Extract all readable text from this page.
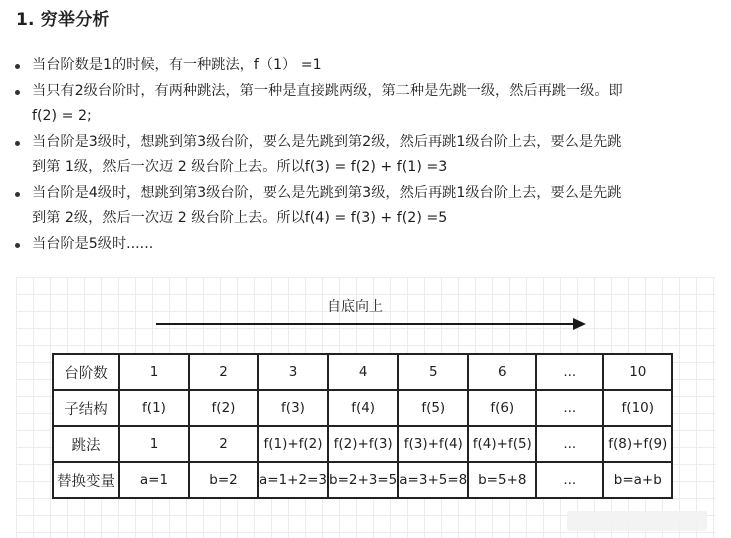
1. 穷举分析
当台阶数是1的时候，有一种跳法，f（1） =1
当只有2级台阶时，有两种跳法，第一种是直接跳两级，第二种是先跳一级，然后再跳一级。即
f(2) = 2;
当台阶是3级时，想跳到第3级台阶，要么是先跳到第2级，然后再跳1级台阶上去，要么是先跳
到第 1级，然后一次迈 2 级台阶上去。所以f(3) = f(2) + f(1) =3
当台阶是4级时，想跳到第3级台阶，要么是先跳到第3级，然后再跳1级台阶上去，要么是先跳
到第 2级，然后一次迈 2 级台阶上去。所以f(4) = f(3) + f(2) =5
当台阶是5级时......
自底向上
台阶数	1	2	3	4	5	6	...	10
子结构	f(1)	f(2)	f(3)	f(4)	f(5)	f(6)	...	f(10)
跳法	1	2	f(1)+f(2)	f(2)+f(3)	f(3)+f(4)	f(4)+f(5)	...	f(8)+f(9)
替换变量	a=1	b=2	a=1+2=3	b=2+3=5	a=3+5=8	b=5+8	...	b=a+b
